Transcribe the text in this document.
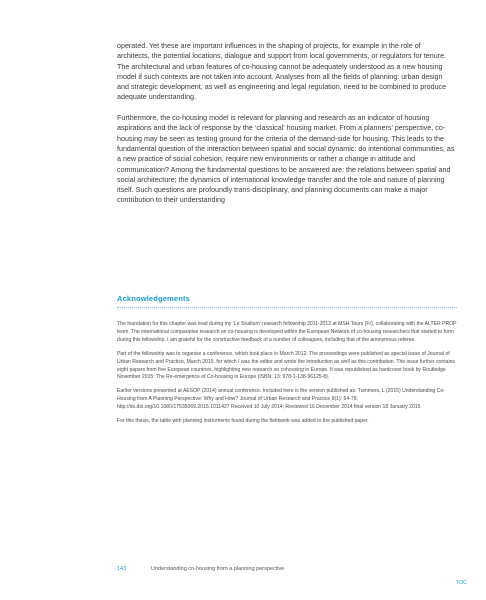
operated. Yet these are important influences in the shaping of projects, for example in the role of architects, the potential locations, dialogue and support from local governments, or regulators for tenure. The architectural and urban features of co-housing cannot be adequately understood as a new housing model if such contexts are not taken into account. Analyses from all the fields of planning: urban design and strategic development, as well as engineering and legal regulation, need to be combined to produce adequate understanding.

Furthermore, the co-housing model is relevant for planning and research as an indicator of housing aspirations and the lack of response by the ‘classical’ housing market. From a planners’ perspective, co-housing may be seen as testing ground for the criteria of the demand-side for housing. This leads to the fundamental question of the interaction between spatial and social dynamic: do intentional communities, as a new practice of social cohesion, require new environments or rather a change in attitude and communication? Among the fundamental questions to be answered are: the relations between spatial and social architecture; the dynamics of international knowledge transfer and the role and nature of planning itself. Such questions are profoundly trans-disciplinary, and planning documents can make a major contribution to their understanding

Acknowledgements

The foundation for this chapter was lead during my ‘Le Studium’ research fellowship 2011-2012 at MSH Tours (Fr), collaborating with the ALTER PROP team. The international comparative research on co-housing is developed within the European Network of co-housing researchers that started to form during this fellowship. I am grateful for the constructive feedback of a number of colleagues, including that of the anonymous referee.

Part of the fellowship was to organise a conference, which took place in March 2012. The proceedings were published as special issue of Journal of Urban Research and Practice, March 2015, for which I was the editor and wrote the introduction as well as this contribution. The issue further contains eight papers from five European countries, highlighting new research on cohousing in Europe. It was republished as hardcover book by Routledge November 2015: The Re-emergence of Co-housing in Europe (ISBN: 13: 978-1-138-96125-8).

Earlier versions presented at AESOP (2014) annual conference. Included here is the version published as: Tummers, L (2015) Understanding Co-Housing from A Planning Perspective: Why and How? Journal of Urban Research and Practice 8(1): 64-78. http://dx.doi.org/10.1080/17535069.2015.1011427 Received 10 July 2014; Reviewed 16 December 2014 final version 18 January 2015

For this thesis, the table with planning instruments found during the fieldwork was added to the published paper.

143	Understanding co-housing from a planning perspective
TOC
